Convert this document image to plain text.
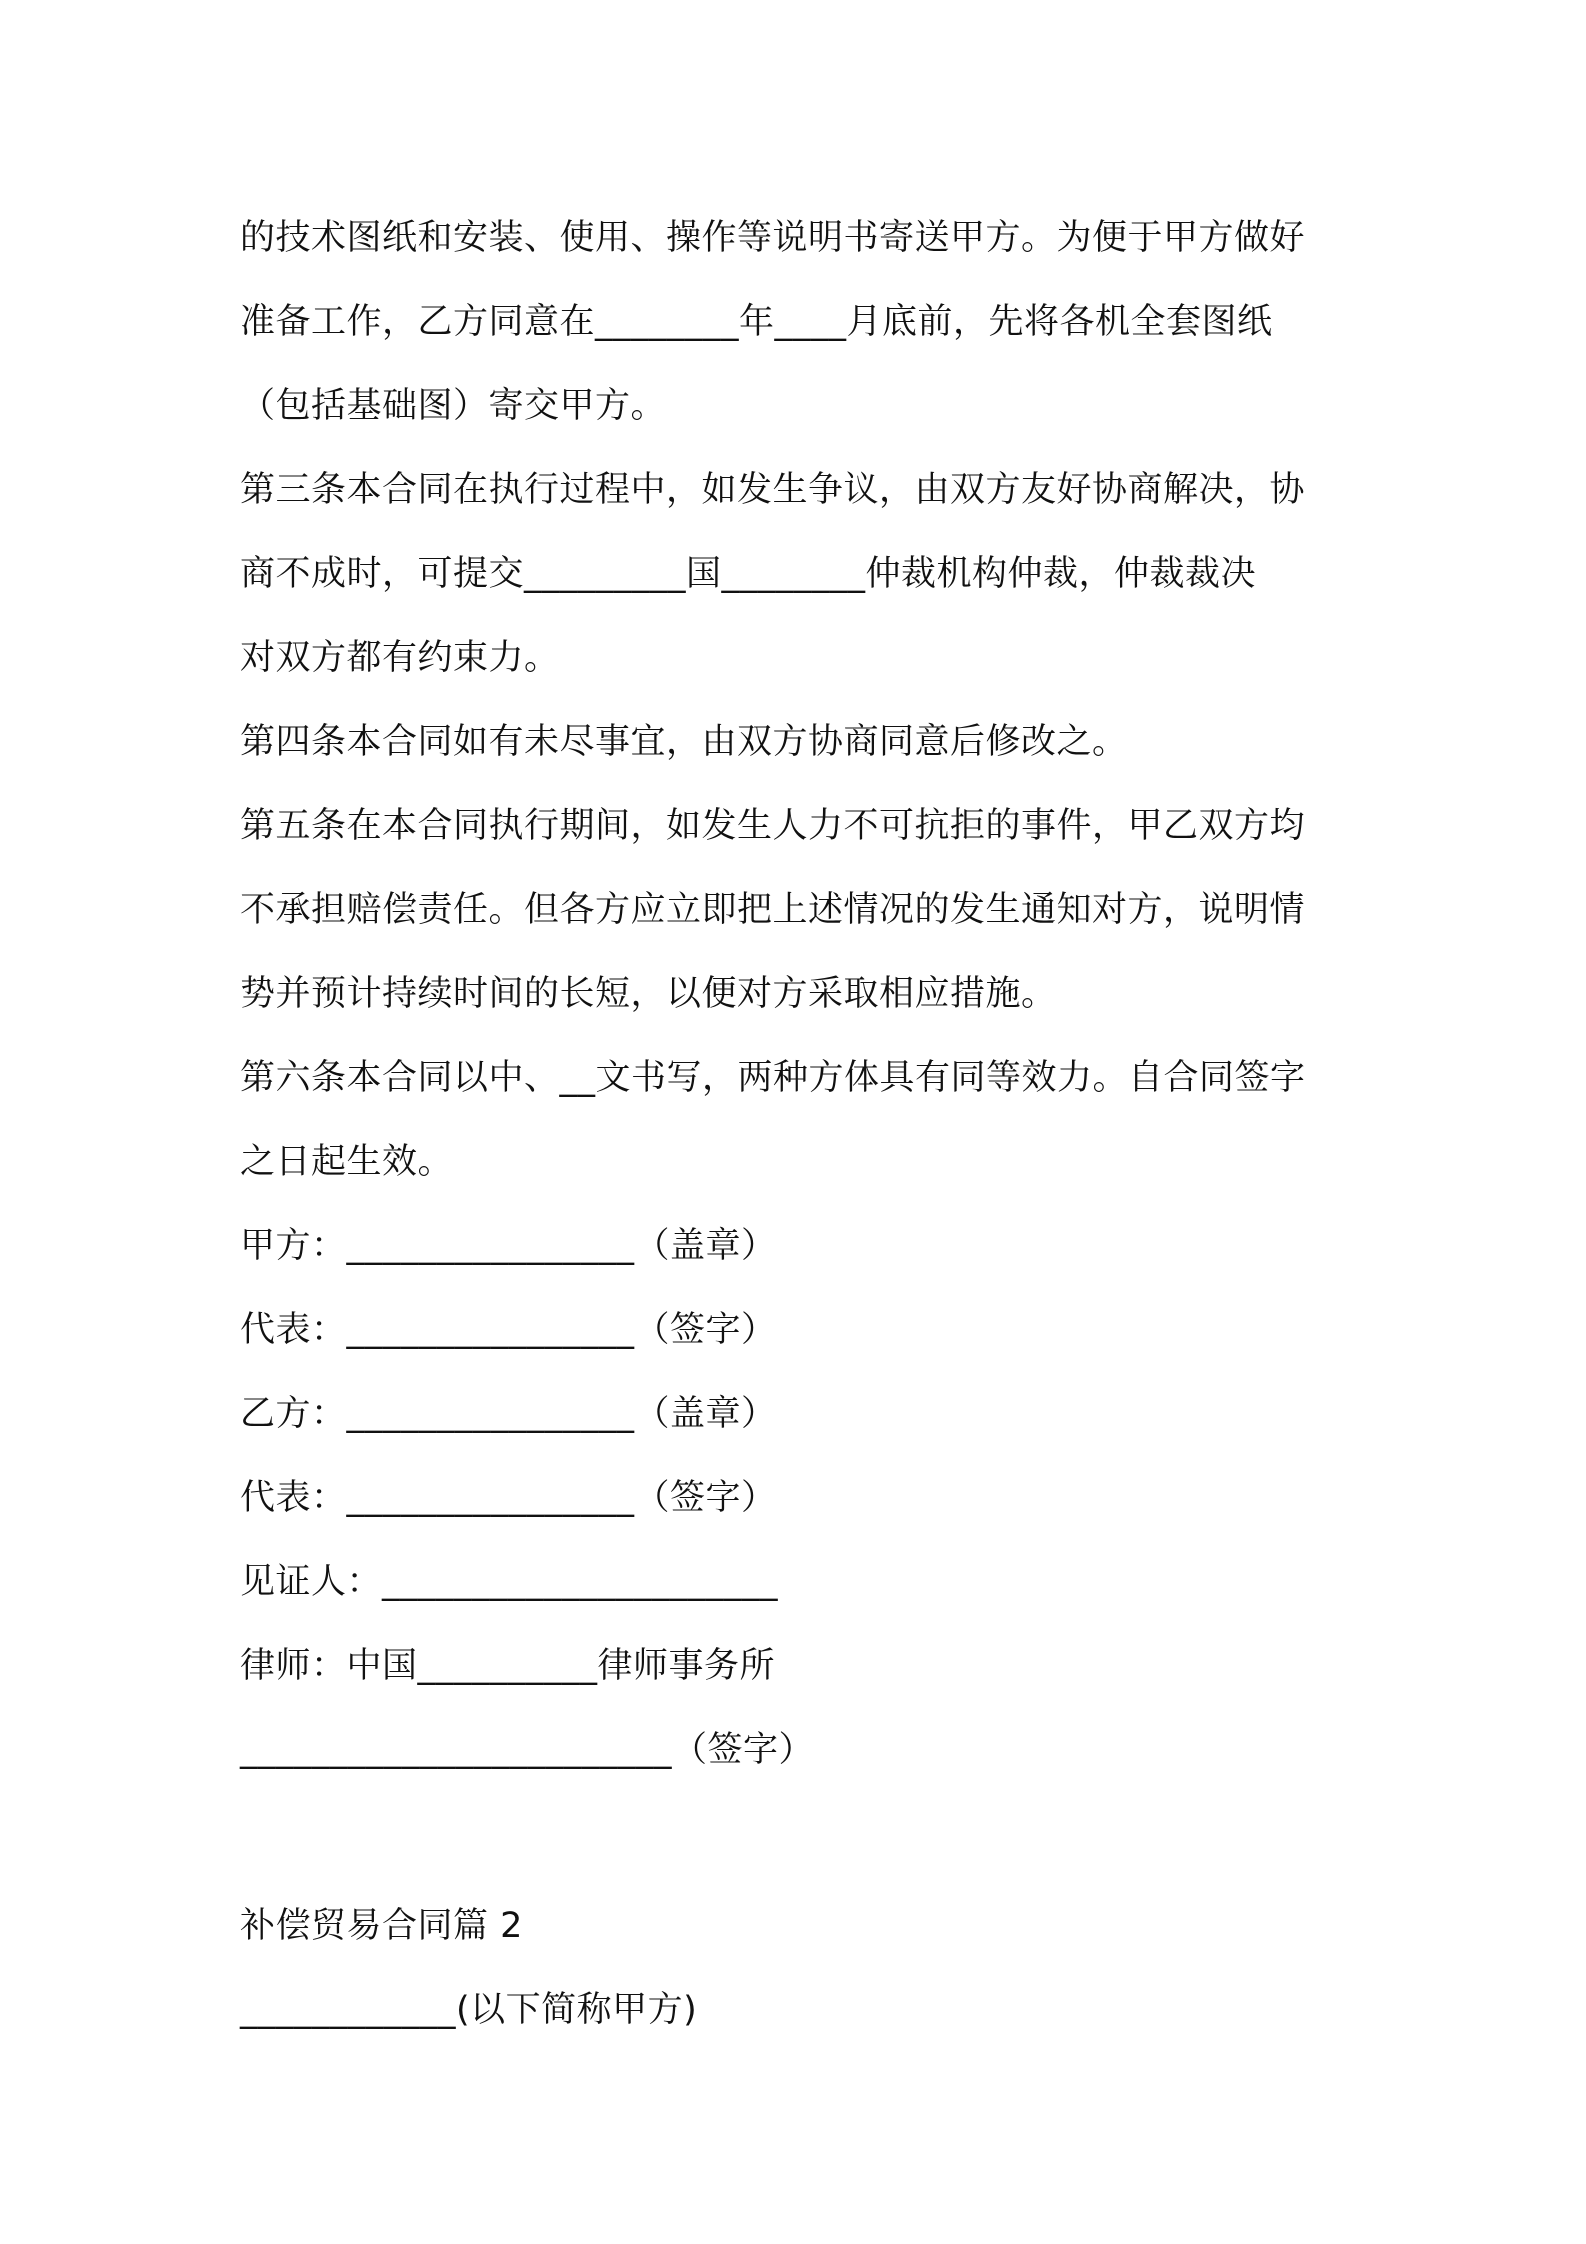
的技术图纸和安装、使用、操作等说明书寄送甲方。为便于甲方做好
准备工作，乙方同意在________年____月底前，先将各机全套图纸
（包括基础图）寄交甲方。
第三条本合同在执行过程中，如发生争议，由双方友好协商解决，协
商不成时，可提交_________国________仲裁机构仲裁，仲裁裁决
对双方都有约束力。
第四条本合同如有未尽事宜，由双方协商同意后修改之。
第五条在本合同执行期间，如发生人力不可抗拒的事件，甲乙双方均
不承担赔偿责任。但各方应立即把上述情况的发生通知对方，说明情
势并预计持续时间的长短，以便对方采取相应措施。
第六条本合同以中、__文书写，两种方体具有同等效力。自合同签字
之日起生效。
甲方：________________（盖章）
代表：________________（签字）
乙方：________________（盖章）
代表：________________（签字）
见证人：______________________
律师：中国__________律师事务所
________________________（签字）
补偿贸易合同篇 2
____________(以下简称甲方)
